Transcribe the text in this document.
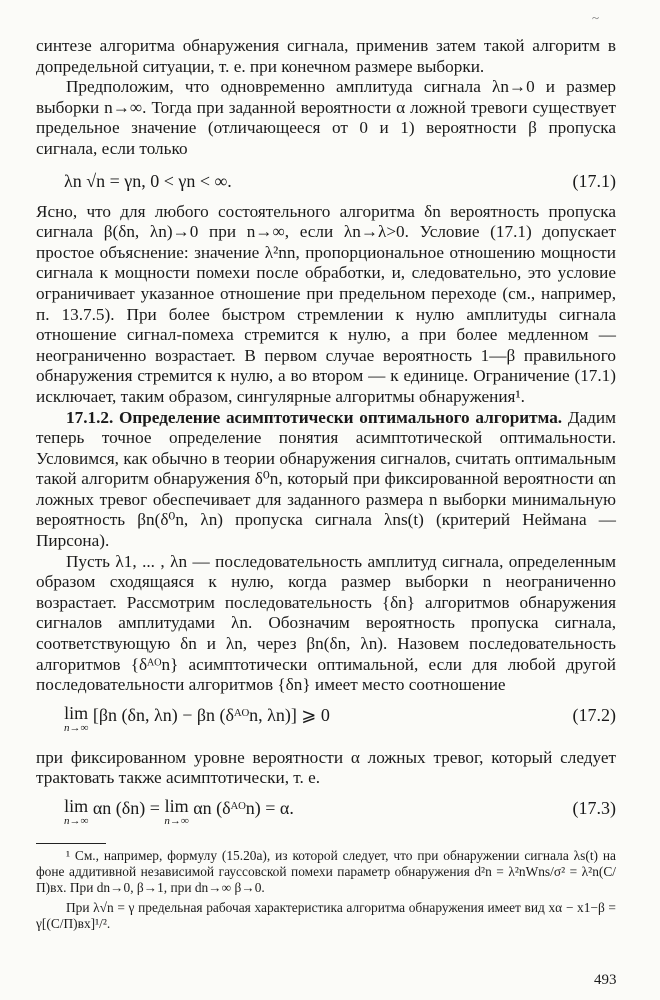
~

синтезе алгоритма обнаружения сигнала, применив затем такой алгоритм в допредельной ситуации, т. е. при конечном размере выборки.

Предположим, что одновременно амплитуда сигнала λn→0 и размер выборки n→∞. Тогда при заданной вероятности α ложной тревоги существует предельное значение (отличающееся от 0 и 1) вероятности β пропуска сигнала, если только

λn √n = γn, 0 < γn < ∞.	(17.1)

Ясно, что для любого состоятельного алгоритма δn вероятность пропуска сигнала β(δn, λn)→0 при n→∞, если λn→λ>0. Условие (17.1) допускает простое объяснение: значение λ²nn, пропорциональное отношению мощности сигнала к мощности помехи после обработки, и, следовательно, это условие ограничивает указанное отношение при предельном переходе (см., например, п. 13.7.5). При более быстром стремлении к нулю амплитуды сигнала отношение сигнал-помеха стремится к нулю, а при более медленном — неограниченно возрастает. В первом случае вероятность 1—β правильного обнаружения стремится к нулю, а во втором — к единице. Ограничение (17.1) исключает, таким образом, сингулярные алгоритмы обнаружения¹.

17.1.2. Определение асимптотически оптимального алгоритма. Дадим теперь точное определение понятия асимптотической оптимальности. Условимся, как обычно в теории обнаружения сигналов, считать оптимальным такой алгоритм обнаружения δ⁰n, который при фиксированной вероятности αn ложных тревог обеспечивает для заданного размера n выборки минимальную вероятность βn(δ⁰n, λn) пропуска сигнала λns(t) (критерий Неймана — Пирсона).

Пусть λ1, ... , λn — последовательность амплитуд сигнала, определенным образом сходящаяся к нулю, когда размер выборки n неограниченно возрастает. Рассмотрим последовательность {δn} алгоритмов обнаружения сигналов амплитудами λn. Обозначим вероятность пропуска сигнала, соответствующую δn и λn, через βn(δn, λn). Назовем последовательность алгоритмов {δᴬᴼn} асимптотически оптимальной, если для любой другой последовательности алгоритмов {δn} имеет место соотношение

lim
n→∞
[βn (δn, λn) − βn (δᴬᴼn, λn)] ⩾ 0	(17.2)

при фиксированном уровне вероятности α ложных тревог, который следует трактовать также асимптотически, т. е.

lim
n→∞
αn (δn) = lim
n→∞
αn (δᴬᴼn) = α.	(17.3)

¹ См., например, формулу (15.20а), из которой следует, что при обнаружении сигнала λs(t) на фоне аддитивной независимой гауссовской помехи параметр обнаружения d²n = λ²nWns/σ² = λ²n(С/П)вх. При dn→0, β→1, при dn→∞ β→0.

При λ√n = γ предельная рабочая характеристика алгоритма обнаружения имеет вид xα − x1−β = γ[(С/П)вх]¹/².

493
